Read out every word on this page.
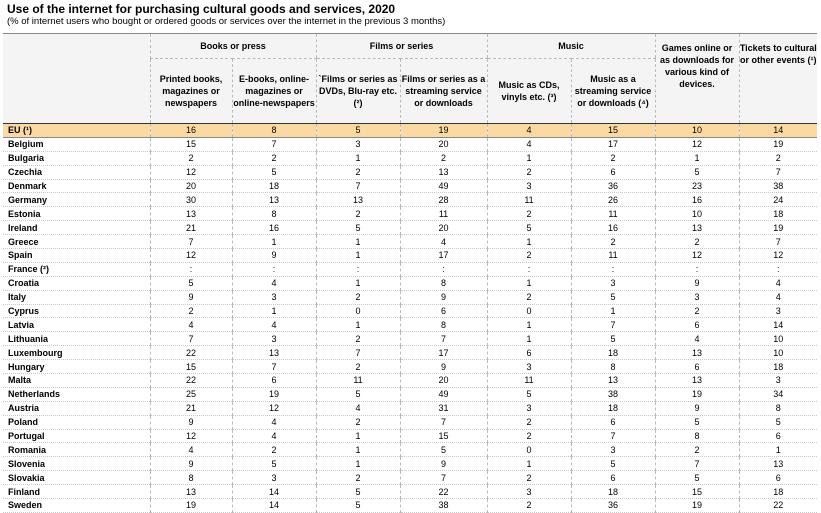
Use of the internet for purchasing cultural goods and services, 2020
(% of internet users who bought or ordered goods or services over the internet in the previous 3 months)
	Books or press		Films or series		Music		Games online or as downloads for various kind of devices.	Tickets to cultural or other events (¹)
	Printed books, magazines or newspapers	E-books, online-magazines or online-newspapers	`Films or series as DVDs, Blu-ray etc. (²)	Films or series as a streaming service or downloads	Music as CDs, vinyls etc. (³)	Music as a streaming service or downloads (⁴)		
EU (¹)	16	8	5	19	4	15	10	14
Belgium	15	7	3	20	4	17	12	19
Bulgaria	2	2	1	2	1	2	1	2
Czechia	12	5	2	13	2	6	5	7
Denmark	20	18	7	49	3	36	23	38
Germany	30	13	13	28	11	26	16	24
Estonia	13	8	2	11	2	11	10	18
Ireland	21	16	5	20	5	16	13	19
Greece	7	1	1	4	1	2	2	7
Spain	12	9	1	17	2	11	12	12
France (²)	:	:	:	:	:	:	:	:
Croatia	5	4	1	8	1	3	9	4
Italy	9	3	2	9	2	5	3	4
Cyprus	2	1	0	6	0	1	2	3
Latvia	4	4	1	8	1	7	6	14
Lithuania	7	3	2	7	1	5	4	10
Luxembourg	22	13	7	17	6	18	13	10
Hungary	15	7	2	9	3	8	6	18
Malta	22	6	11	20	11	13	13	3
Netherlands	25	19	5	49	5	38	19	34
Austria	21	12	4	31	3	18	9	8
Poland	9	4	2	7	2	6	5	5
Portugal	12	4	1	15	2	7	8	6
Romania	4	2	1	5	0	3	2	1
Slovenia	9	5	1	9	1	5	7	13
Slovakia	8	3	2	7	2	6	5	6
Finland	13	14	5	22	3	18	15	18
Sweden	19	14	5	38	2	36	19	22
